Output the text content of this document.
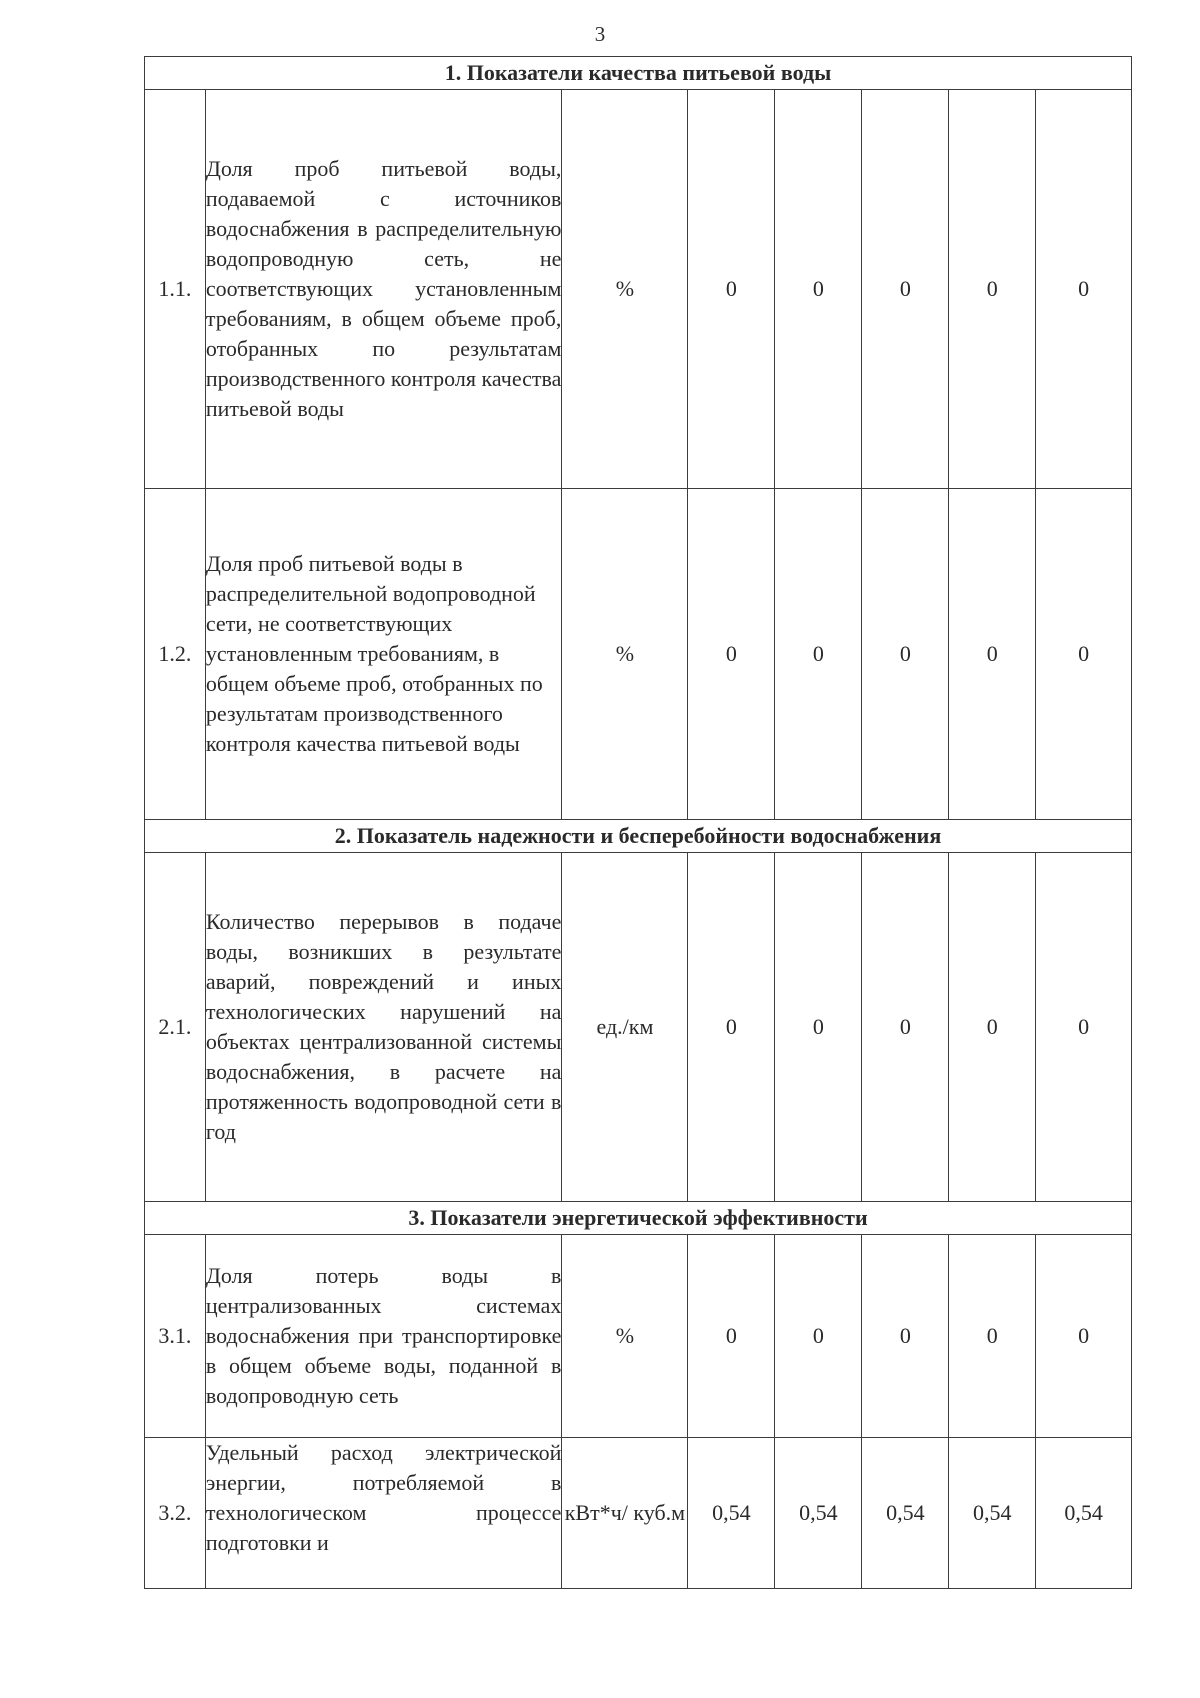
3
1. Показатели качества питьевой воды							
1.1.	Доля проб питьевой воды, подаваемой с источников водоснабжения в распределительную водопроводную сеть, не соответствующих установленным требованиям, в общем объеме проб, отобранных по результатам производственного контроля качества питьевой воды	%	0	0	0	0	0
1.2.	Доля проб питьевой воды в распределительной водопроводной сети, не соответствующих установленным требованиям, в общем объеме проб, отобранных по результатам производственного контроля качества питьевой воды	%	0	0	0	0	0
2. Показатель надежности и бесперебойности водоснабжения							
2.1.	Количество перерывов в подаче воды, возникших в результате аварий, повреждений и иных технологических нарушений на объектах централизованной системы водоснабжения, в расчете на протяженность водопроводной сети в год	ед./км	0	0	0	0	0
3. Показатели энергетической эффективности							
3.1.	Доля потерь воды в централизованных системах водоснабжения при транспортировке в общем объеме воды, поданной в водопроводную сеть	%	0	0	0	0	0
3.2.	Удельный расход электрической энергии, потребляемой в технологическом процессе подготовки и	кВт*ч/ куб.м	0,54	0,54	0,54	0,54	0,54
